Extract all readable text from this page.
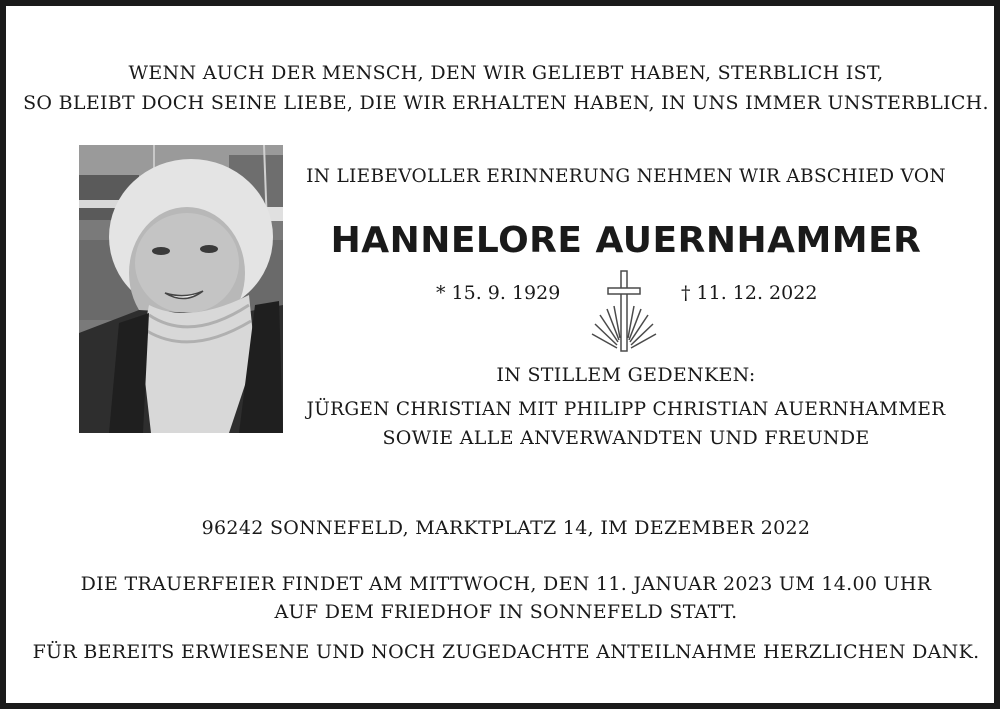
WENN AUCH DER MENSCH, DEN WIR GELIEBT HABEN, STERBLICH IST,
SO BLEIBT DOCH SEINE LIEBE, DIE WIR ERHALTEN HABEN, IN UNS IMMER UNSTERBLICH.
IN LIEBEVOLLER ERINNERUNG NEHMEN WIR ABSCHIED VON
HANNELORE AUERNHAMMER
* 15. 9. 1929	† 11. 12. 2022
IN STILLEM GEDENKEN:
JÜRGEN CHRISTIAN MIT PHILIPP CHRISTIAN AUERNHAMMER
SOWIE ALLE ANVERWANDTEN UND FREUNDE
96242 SONNEFELD, MARKTPLATZ 14, IM DEZEMBER 2022
DIE TRAUERFEIER FINDET AM MITTWOCH, DEN 11. JANUAR 2023 UM 14.00 UHR
AUF DEM FRIEDHOF IN SONNEFELD STATT.
FÜR BEREITS ERWIESENE UND NOCH ZUGEDACHTE ANTEILNAHME HERZLICHEN DANK.
